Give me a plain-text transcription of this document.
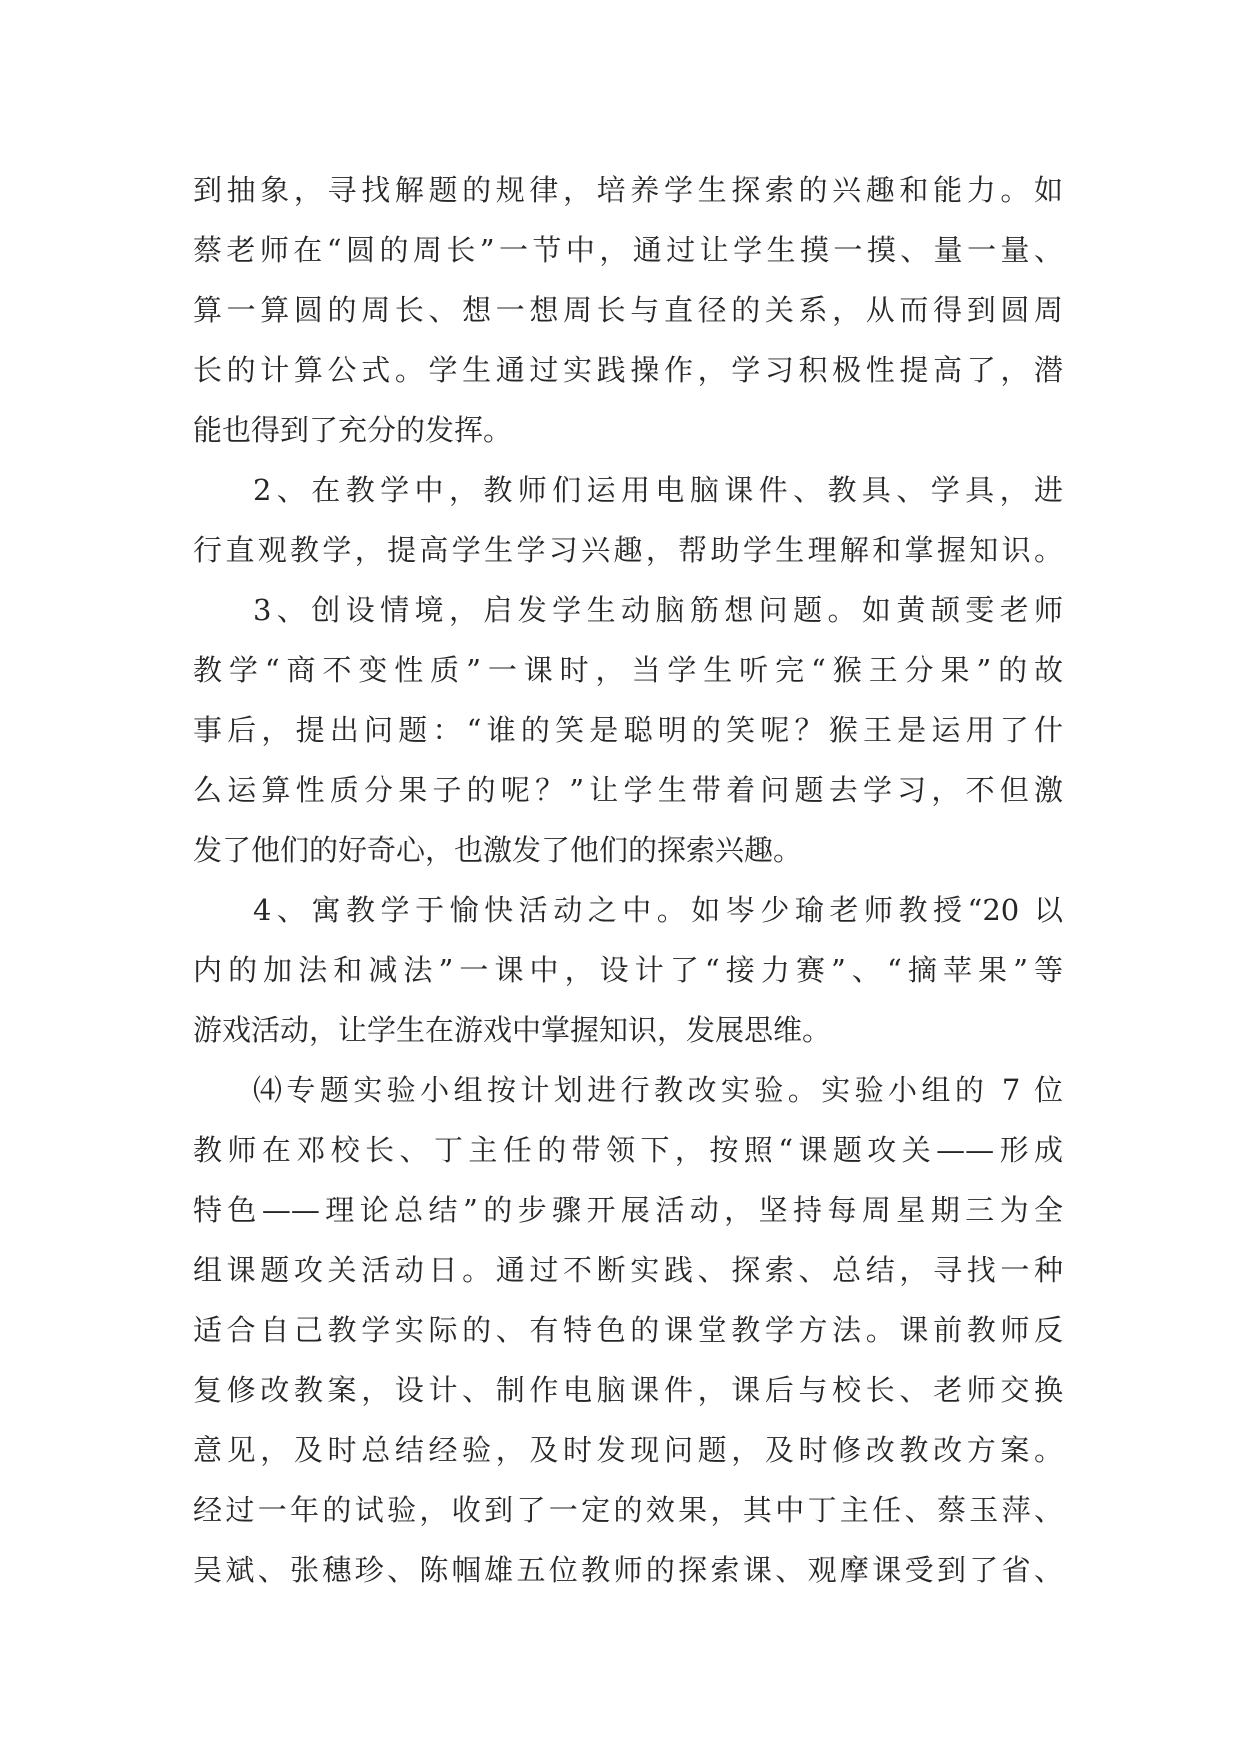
到抽象，寻找解题的规律，培养学生探索的兴趣和能力。如
蔡老师在“圆的周长”一节中，通过让学生摸一摸、量一量、
算一算圆的周长、想一想周长与直径的关系，从而得到圆周
长的计算公式。学生通过实践操作，学习积极性提高了，潜
能也得到了充分的发挥。
2、在教学中，教师们运用电脑课件、教具、学具，进
行直观教学，提高学生学习兴趣，帮助学生理解和掌握知识。
3、创设情境，启发学生动脑筋想问题。如黄颉雯老师
教学“商不变性质”一课时，当学生听完“猴王分果”的故
事后，提出问题：“谁的笑是聪明的笑呢？猴王是运用了什
么运算性质分果子的呢？”让学生带着问题去学习，不但激
发了他们的好奇心，也激发了他们的探索兴趣。
4、寓教学于愉快活动之中。如岑少瑜老师教授“20 以
内的加法和减法”一课中，设计了“接力赛”、“摘苹果”等
游戏活动，让学生在游戏中掌握知识，发展思维。
⑷专题实验小组按计划进行教改实验。实验小组的 7 位
教师在邓校长、丁主任的带领下，按照“课题攻关——形成
特色——理论总结”的步骤开展活动，坚持每周星期三为全
组课题攻关活动日。通过不断实践、探索、总结，寻找一种
适合自己教学实际的、有特色的课堂教学方法。课前教师反
复修改教案，设计、制作电脑课件，课后与校长、老师交换
意见，及时总结经验，及时发现问题，及时修改教改方案。
经过一年的试验，收到了一定的效果，其中丁主任、蔡玉萍、
吴斌、张穗珍、陈帼雄五位教师的探索课、观摩课受到了省、
